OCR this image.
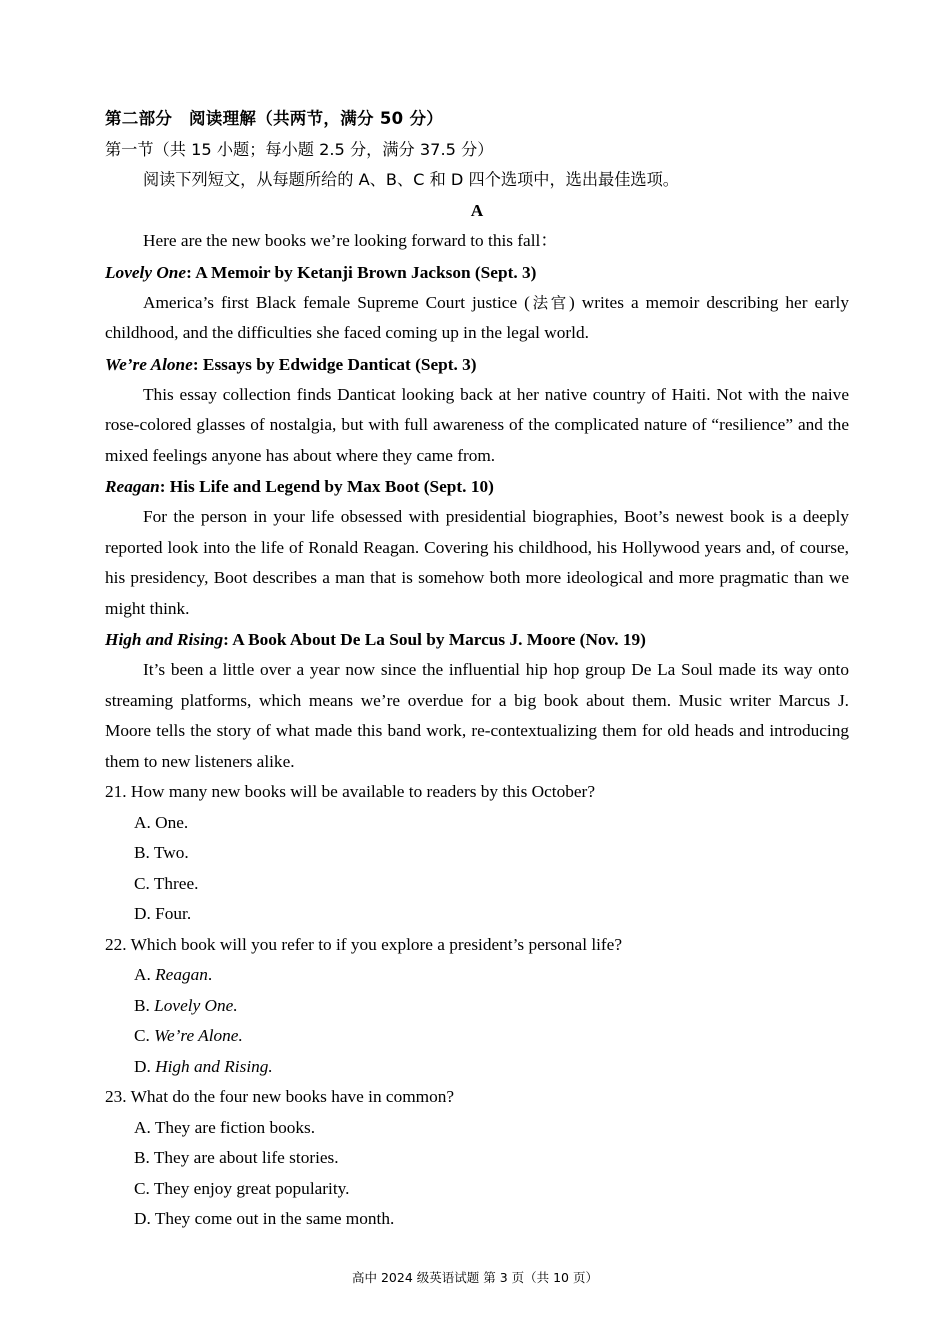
第二部分　阅读理解（共两节，满分 50 分）
第一节（共 15 小题；每小题 2.5 分，满分 37.5 分）
阅读下列短文，从每题所给的 A、B、C 和 D 四个选项中，选出最佳选项。
A
Here are the new books we’re looking forward to this fall：
Lovely One: A Memoir by Ketanji Brown Jackson (Sept. 3)
America’s first Black female Supreme Court justice (法官) writes a memoir describing her early childhood, and the difficulties she faced coming up in the legal world.
We’re Alone: Essays by Edwidge Danticat (Sept. 3)
This essay collection finds Danticat looking back at her native country of Haiti. Not with the naive rose-colored glasses of nostalgia, but with full awareness of the complicated nature of “resilience” and the mixed feelings anyone has about where they came from.
Reagan: His Life and Legend by Max Boot (Sept. 10)
For the person in your life obsessed with presidential biographies, Boot’s newest book is a deeply reported look into the life of Ronald Reagan. Covering his childhood, his Hollywood years and, of course, his presidency, Boot describes a man that is somehow both more ideological and more pragmatic than we might think.
High and Rising: A Book About De La Soul by Marcus J. Moore (Nov. 19)
It’s been a little over a year now since the influential hip hop group De La Soul made its way onto streaming platforms, which means we’re overdue for a big book about them. Music writer Marcus J. Moore tells the story of what made this band work, re-contextualizing them for old heads and introducing them to new listeners alike.
21. How many new books will be available to readers by this October?
A. One.
B. Two.
C. Three.
D. Four.
22. Which book will you refer to if you explore a president’s personal life?
A. Reagan.
B. Lovely One.
C. We’re Alone.
D. High and Rising.
23. What do the four new books have in common?
A. They are fiction books.
B. They are about life stories.
C. They enjoy great popularity.
D. They come out in the same month.
高中 2024 级英语试题 第 3 页（共 10 页）
